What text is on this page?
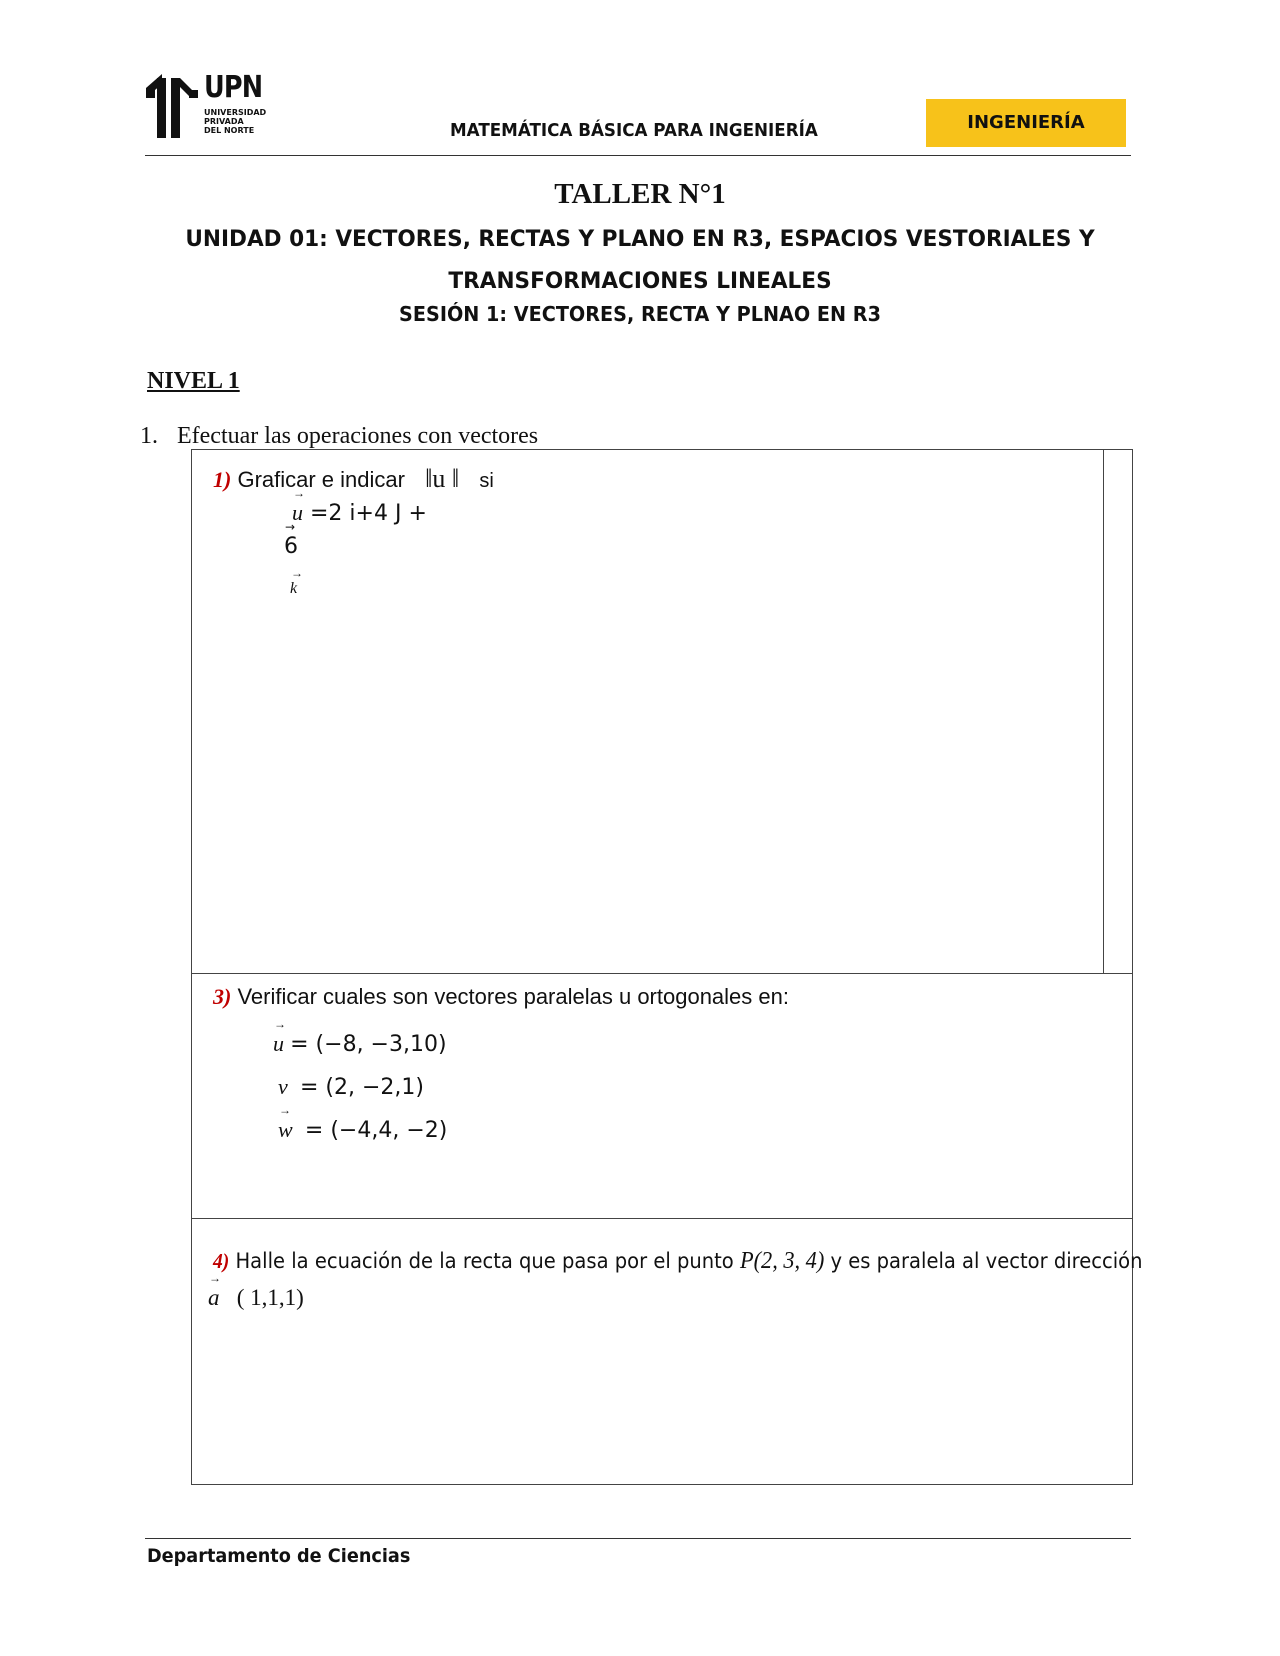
UPN
UNIVERSIDAD
PRIVADA
DEL NORTE	MATEMÁTICA BÁSICA PARA INGENIERÍA	INGENIERÍA
TALLER N°1
UNIDAD 01: VECTORES, RECTAS Y PLANO EN R3, ESPACIOS VESTORIALES Y
TRANSFORMACIONES LINEALES
SESIÓN 1: VECTORES, RECTA Y PLNAO EN R3
NIVEL 1
1. Efectuar las operaciones con vectores
1) Graficar e indicar ‖u ‖ si
→ u =2 i+4 J +
→ 6
→ k
3) Verificar cuales son vectores paralelas u ortogonales en:
→ u = (−8, −3,10)
v = (2, −2,1)
→ w = (−4,4, −2)
4) Halle la ecuación de la recta que pasa por el punto P(2, 3, 4) y es paralela al vector dirección
→ a ( 1,1,1)
Departamento de Ciencias
